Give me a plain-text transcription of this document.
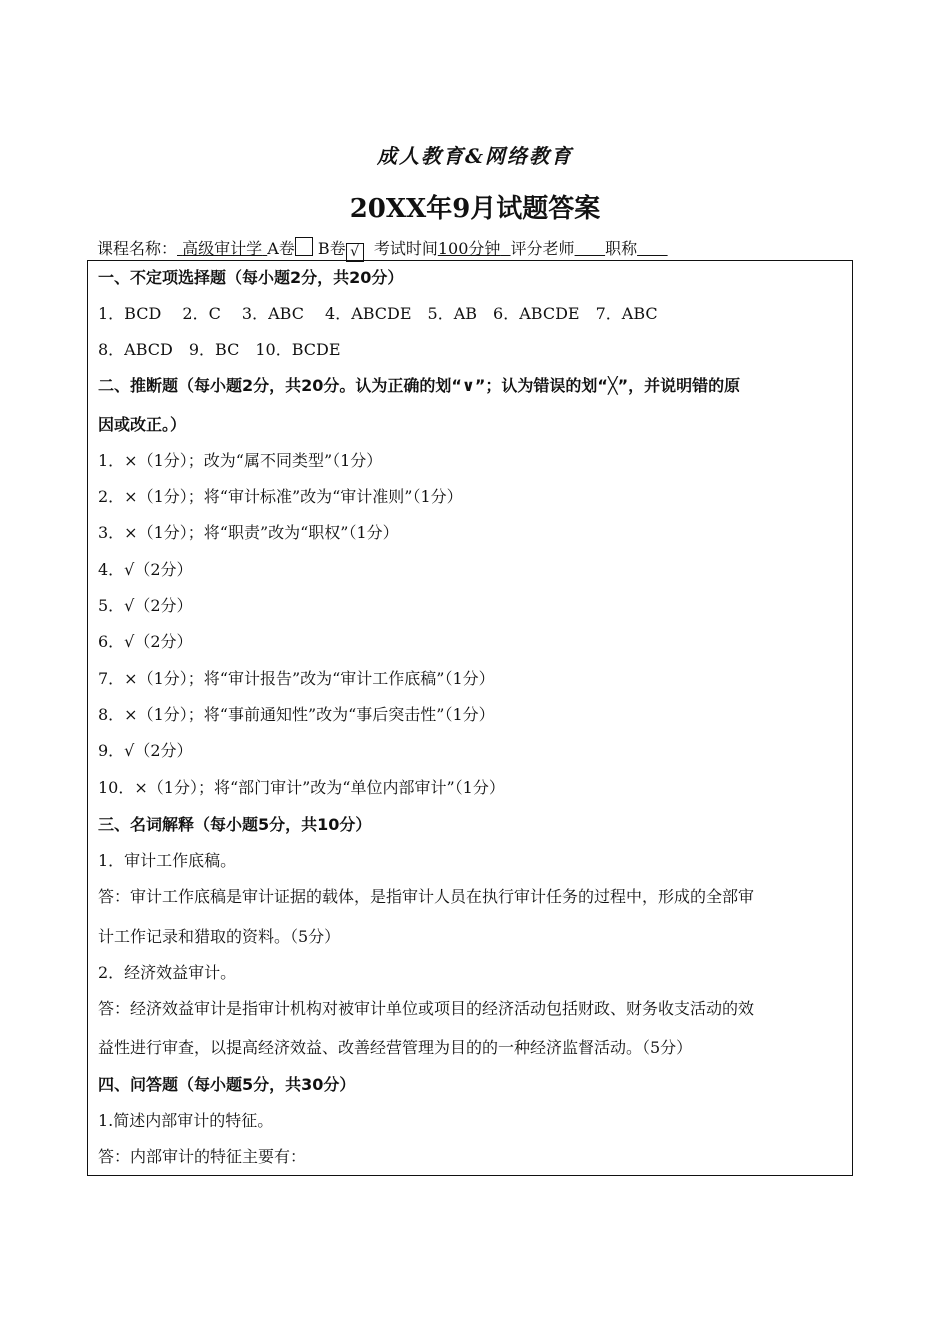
成人教育&网络教育
20XX年9月试题答案
课程名称： 高级审计学 A卷 B卷 √ 考试时间100分钟 评分老师 职称
一、不定项选择题（每小题2分，共20分）
1．BCD　 2．C　 3．ABC　 4．ABCDE　5．AB　6．ABCDE　7．ABC
8．ABCD　9．BC　10．BCDE
二、推断题（每小题2分，共20分。认为正确的划“∨”；认为错误的划“╳”，并说明错的原
因或改正。）
1．×（1分）；改为“属不同类型”（1分）
2．×（1分）；将“审计标准”改为“审计准则”（1分）
3．×（1分）；将“职责”改为“职权”（1分）
4．√（2分）
5．√（2分）
6．√（2分）
7．×（1分）；将“审计报告”改为“审计工作底稿”（1分）
8．×（1分）；将“事前通知性”改为“事后突击性”（1分）
9．√（2分）
10．×（1分）；将“部门审计”改为“单位内部审计”（1分）
三、名词解释（每小题5分，共10分）
1．审计工作底稿。
答：审计工作底稿是审计证据的载体，是指审计人员在执行审计任务的过程中，形成的全部审
计工作记录和猎取的资料。（5分）
2．经济效益审计。
答：经济效益审计是指审计机构对被审计单位或项目的经济活动包括财政、财务收支活动的效
益性进行审查，以提高经济效益、改善经营管理为目的的一种经济监督活动。（5分）
四、问答题（每小题5分，共30分）
1.简述内部审计的特征。
答：内部审计的特征主要有：
